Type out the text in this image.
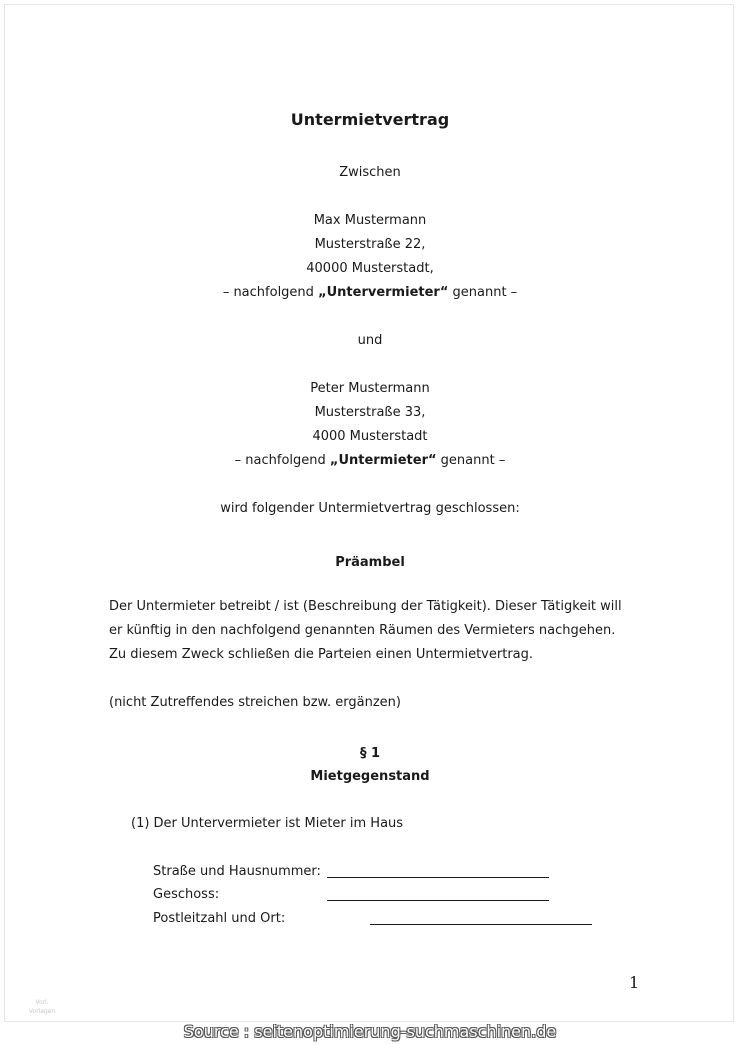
Untermietvertrag
Zwischen
Max Mustermann
Musterstraße 22,
40000 Musterstadt,
– nachfolgend „Untervermieter“ genannt –
und
Peter Mustermann
Musterstraße 33,
4000 Musterstadt
– nachfolgend „Untermieter“ genannt –
wird folgender Untermietvertrag geschlossen:
Präambel
Der Untermieter betreibt / ist (Beschreibung der Tätigkeit). Dieser Tätigkeit will
er künftig in den nachfolgend genannten Räumen des Vermieters nachgehen.
Zu diesem Zweck schließen die Parteien einen Untermietvertrag.
(nicht Zutreffendes streichen bzw. ergänzen)
§ 1
Mietgegenstand
(1) Der Untervermieter ist Mieter im Haus
Straße und Hausnummer:
Geschoss:
Postleitzahl und Ort:
1
Vorl.
Vorlagen
Source : seitenoptimierung-suchmaschinen.de
